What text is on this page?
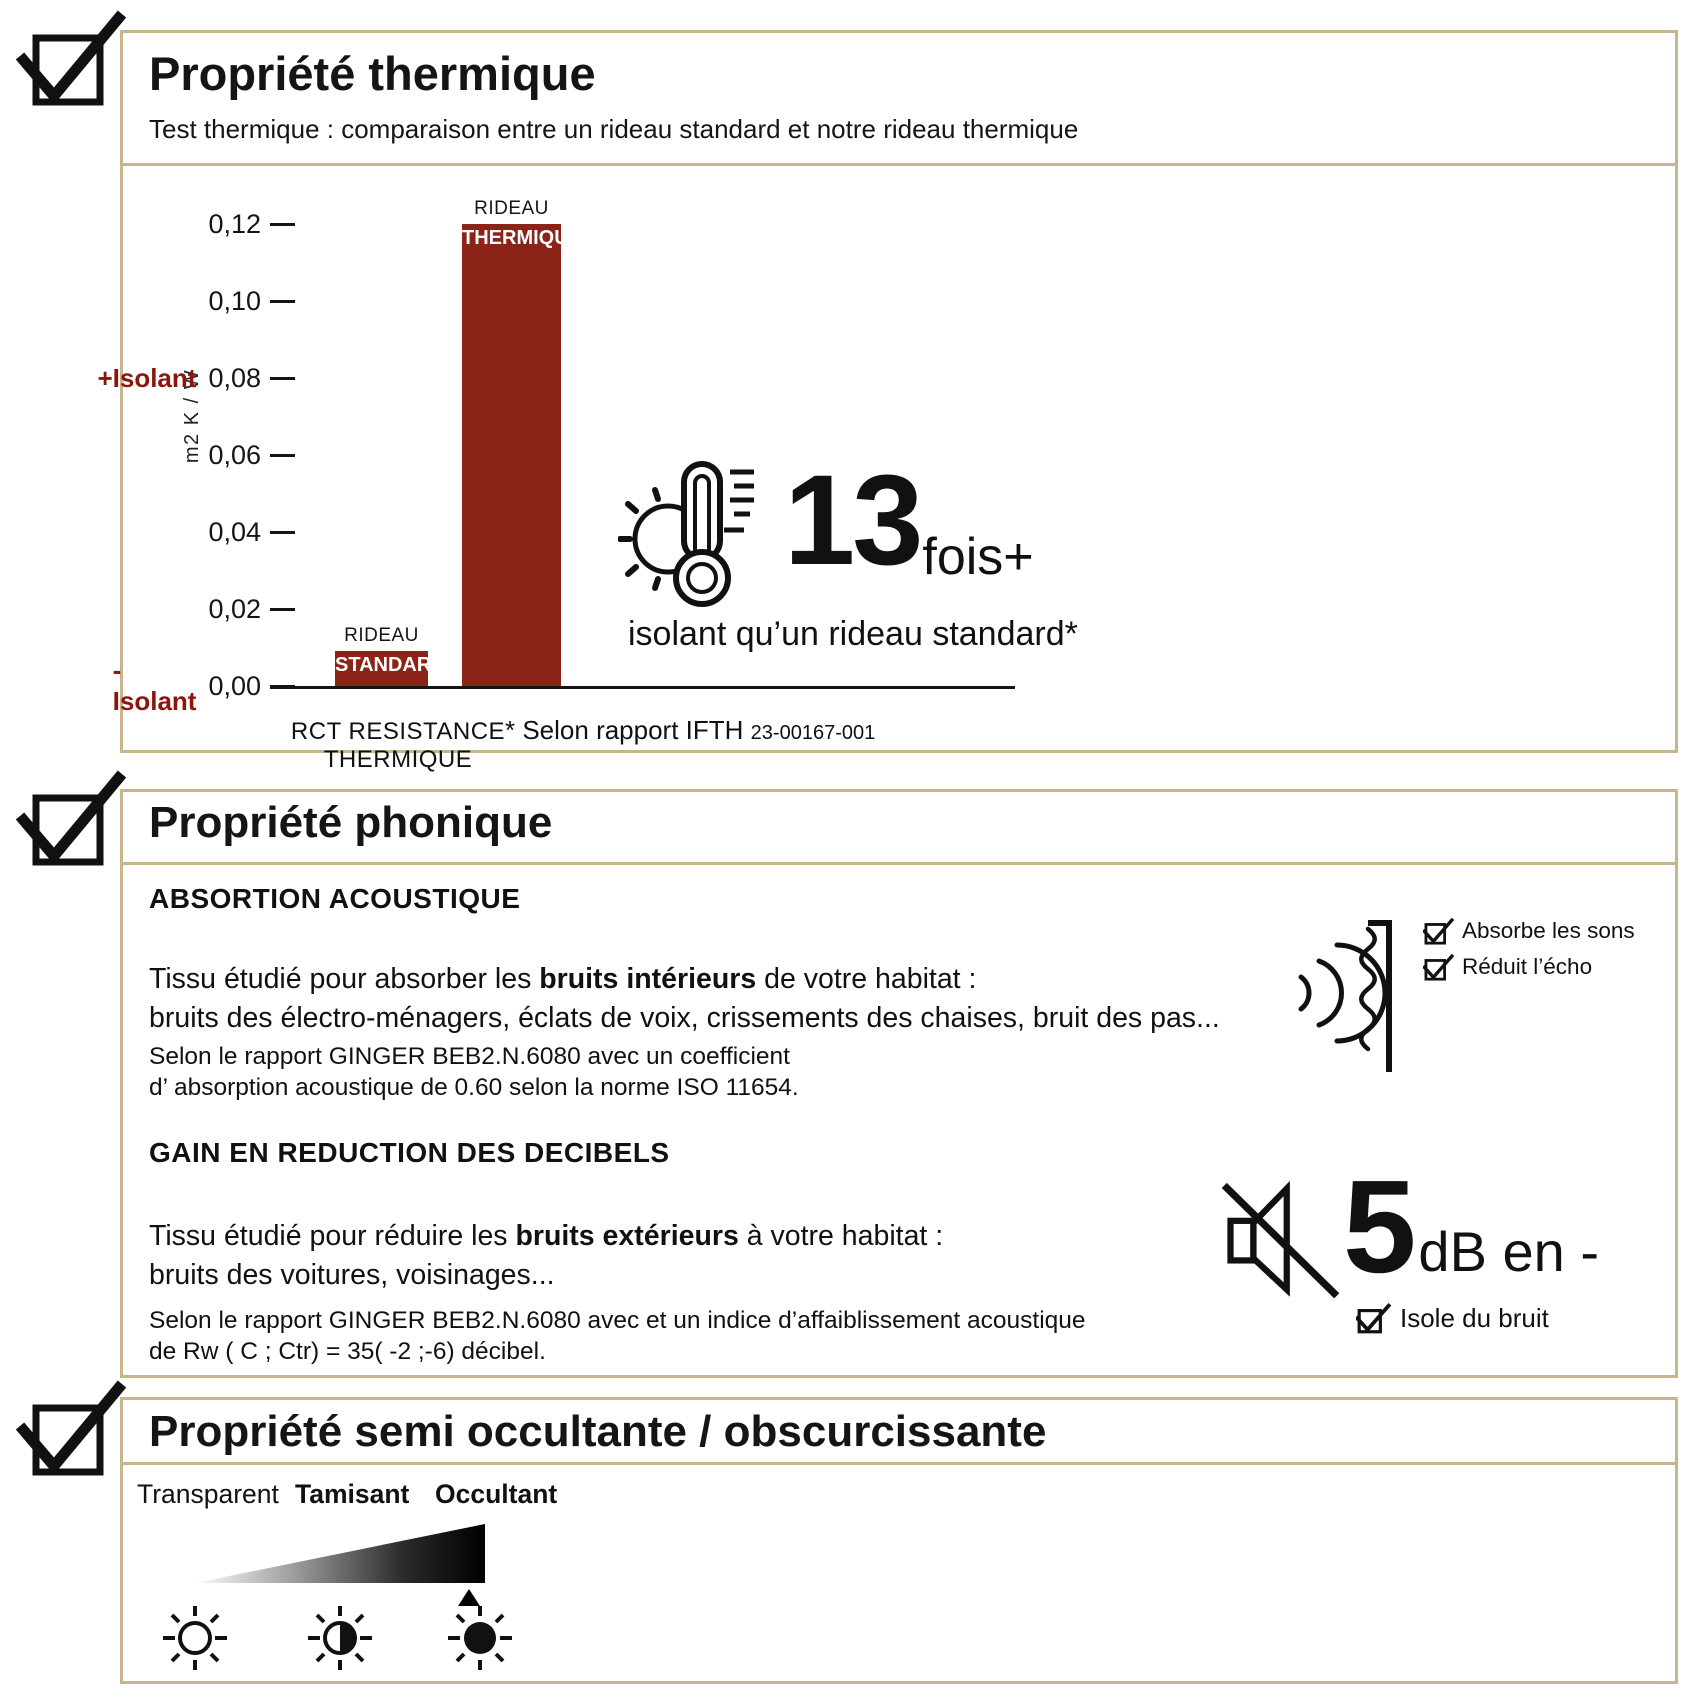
Propriété thermique

Test thermique : comparaison entre un rideau standard et notre rideau thermique

m2 K / W
RCT RESISTANCE THERMIQUE
* Selon rapport IFTH 23-00167-001
13 fois+
isolant qu’un rideau standard*
-Isolant
0,00
0,02
0,04
0,06
+Isolant 0,08
0,10
0,12
STANDARD
RIDEAU
THERMIQUE
RIDEAU
Propriété phonique
ABSORTION ACOUSTIQUE
Tissu étudié pour absorber les bruits intérieurs de votre habitat :
bruits des électro-ménagers, éclats de voix, crissements des chaises, bruit des pas...
Selon le rapport GINGER BEB2.N.6080 avec un coefficient
d’ absorption acoustique de 0.60 selon la norme ISO 11654.
Absorbe les sons
Réduit l’écho
GAIN EN REDUCTION DES DECIBELS
Tissu étudié pour réduire les bruits extérieurs à votre habitat :
bruits des voitures, voisinages...
Selon le rapport GINGER BEB2.N.6080 avec et un indice d’affaiblissement acoustique
de Rw ( C ; Ctr) = 35( -2 ;-6) décibel.
5 dB en -
Isole du bruit
Propriété semi occultante / obscurcissante
Transparent Tamisant Occultant
